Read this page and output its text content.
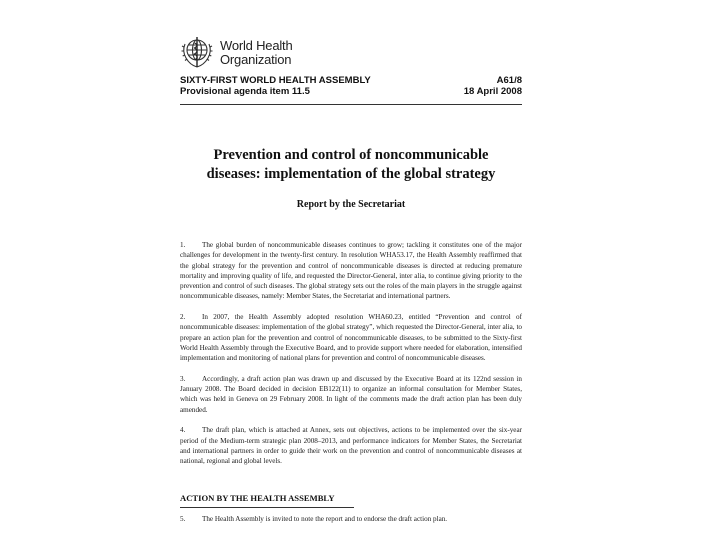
World Health
Organization
SIXTY-FIRST WORLD HEALTH ASSEMBLY	A61/8
Provisional agenda item 11.5	18 April 2008
Prevention and control of noncommunicable
diseases: implementation of the global strategy
Report by the Secretariat

1. The global burden of noncommunicable diseases continues to grow; tackling it constitutes one of the major challenges for development in the twenty-first century. In resolution WHA53.17, the Health Assembly reaffirmed that the global strategy for the prevention and control of noncommunicable diseases is directed at reducing premature mortality and improving quality of life, and requested the Director-General, inter alia, to continue giving priority to the prevention and control of such diseases. The global strategy sets out the roles of the main players in the struggle against noncommunicable diseases, namely: Member States, the Secretariat and international partners.

2. In 2007, the Health Assembly adopted resolution WHA60.23, entitled “Prevention and control of noncommunicable diseases: implementation of the global strategy”, which requested the Director-General, inter alia, to prepare an action plan for the prevention and control of noncommunicable diseases, to be submitted to the Sixty-first World Health Assembly through the Executive Board, and to provide support where needed for elaboration, intensified implementation and monitoring of national plans for prevention and control of noncommunicable diseases.

3. Accordingly, a draft action plan was drawn up and discussed by the Executive Board at its 122nd session in January 2008. The Board decided in decision EB122(11) to organize an informal consultation for Member States, which was held in Geneva on 29 February 2008. In light of the comments made the draft action plan has been duly amended.

4. The draft plan, which is attached at Annex, sets out objectives, actions to be implemented over the six-year period of the Medium-term strategic plan 2008–2013, and performance indicators for Member States, the Secretariat and international partners in order to guide their work on the prevention and control of noncommunicable diseases at national, regional and global levels.

ACTION BY THE HEALTH ASSEMBLY
5. The Health Assembly is invited to note the report and to endorse the draft action plan.
